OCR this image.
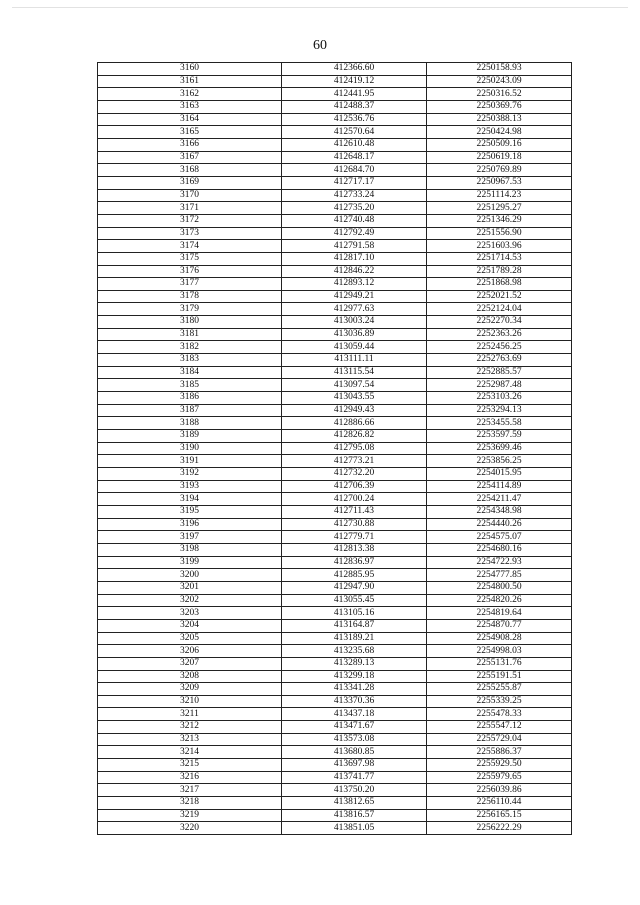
60
3160	412366.60	2250158.93
3161	412419.12	2250243.09
3162	412441.95	2250316.52
3163	412488.37	2250369.76
3164	412536.76	2250388.13
3165	412570.64	2250424.98
3166	412610.48	2250509.16
3167	412648.17	2250619.18
3168	412684.70	2250769.89
3169	412717.17	2250967.53
3170	412733.24	2251114.23
3171	412735.20	2251295.27
3172	412740.48	2251346.29
3173	412792.49	2251556.90
3174	412791.58	2251603.96
3175	412817.10	2251714.53
3176	412846.22	2251789.28
3177	412893.12	2251868.98
3178	412949.21	2252021.52
3179	412977.63	2252124.04
3180	413003.24	2252270.34
3181	413036.89	2252363.26
3182	413059.44	2252456.25
3183	413111.11	2252763.69
3184	413115.54	2252885.57
3185	413097.54	2252987.48
3186	413043.55	2253103.26
3187	412949.43	2253294.13
3188	412886.66	2253455.58
3189	412826.82	2253597.59
3190	412795.08	2253699.46
3191	412773.21	2253856.25
3192	412732.20	2254015.95
3193	412706.39	2254114.89
3194	412700.24	2254211.47
3195	412711.43	2254348.98
3196	412730.88	2254440.26
3197	412779.71	2254575.07
3198	412813.38	2254680.16
3199	412836.97	2254722.93
3200	412885.95	2254777.85
3201	412947.90	2254800.50
3202	413055.45	2254820.26
3203	413105.16	2254819.64
3204	413164.87	2254870.77
3205	413189.21	2254908.28
3206	413235.68	2254998.03
3207	413289.13	2255131.76
3208	413299.18	2255191.51
3209	413341.28	2255255.87
3210	413370.36	2255339.25
3211	413437.18	2255478.33
3212	413471.67	2255547.12
3213	413573.08	2255729.04
3214	413680.85	2255886.37
3215	413697.98	2255929.50
3216	413741.77	2255979.65
3217	413750.20	2256039.86
3218	413812.65	2256110.44
3219	413816.57	2256165.15
3220	413851.05	2256222.29
